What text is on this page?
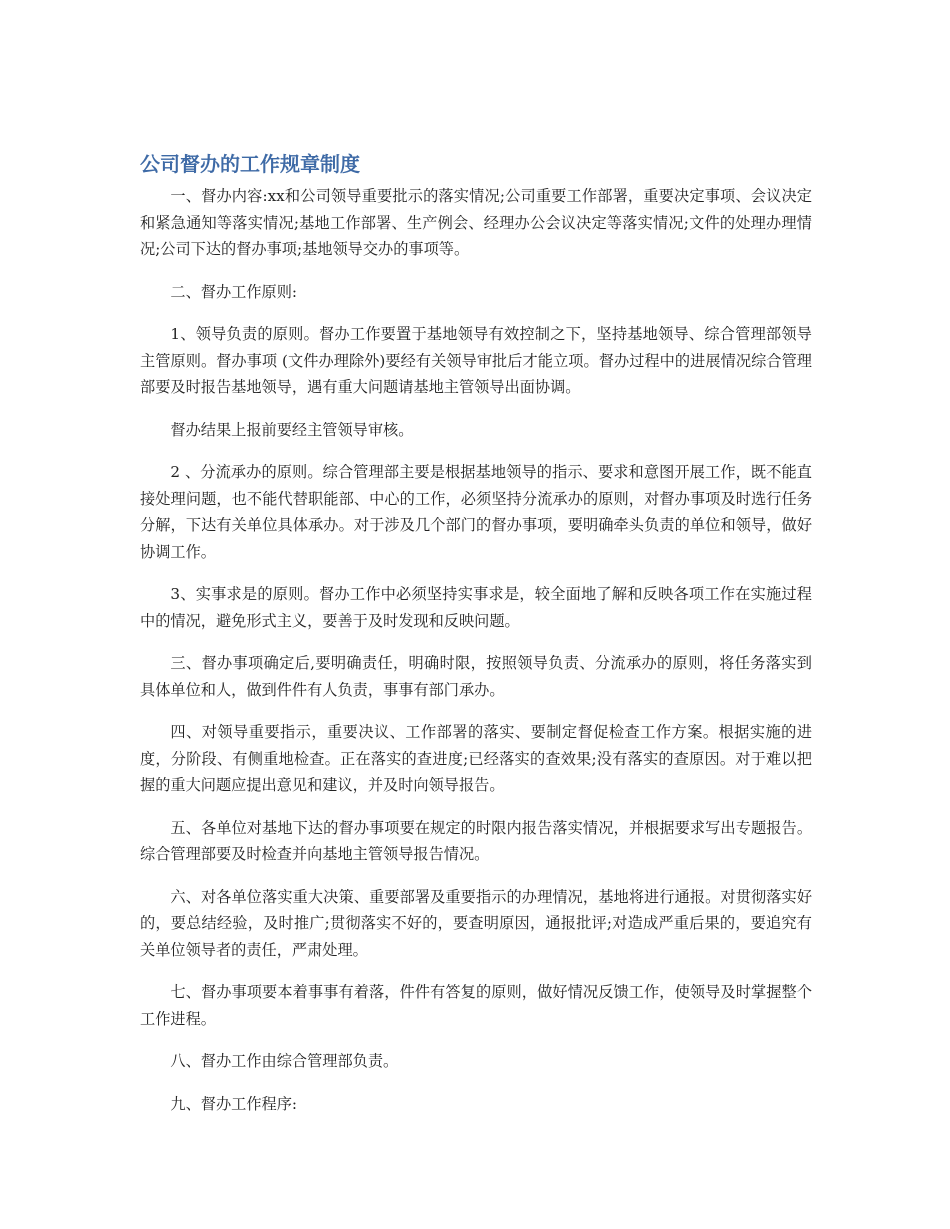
公司督办的工作规章制度

一、督办内容:xx和公司领导重要批示的落实情况;公司重要工作部署，重要决定事项、会议决定和紧急通知等落实情况;基地工作部署、生产例会、经理办公会议决定等落实情况;文件的处理办理情况;公司下达的督办事项;基地领导交办的事项等。

二、督办工作原则:

1、领导负责的原则。督办工作要置于基地领导有效控制之下，坚持基地领导、综合管理部领导主管原则。督办事项 (文件办理除外)要经有关领导审批后才能立项。督办过程中的进展情况综合管理部要及时报告基地领导，遇有重大问题请基地主管领导出面协调。

督办结果上报前要经主管领导审核。

2 、分流承办的原则。综合管理部主要是根据基地领导的指示、要求和意图开展工作，既不能直接处理问题，也不能代替职能部、中心的工作，必须坚持分流承办的原则，对督办事项及时选行任务分解，下达有关单位具体承办。对于涉及几个部门的督办事项，要明确牵头负责的单位和领导，做好协调工作。

3、实事求是的原则。督办工作中必须坚持实事求是，较全面地了解和反映各项工作在实施过程中的情况，避免形式主义，要善于及时发现和反映问题。

三、督办事项确定后,要明确责任，明确时限，按照领导负责、分流承办的原则，将任务落实到具体单位和人，做到件件有人负责，事事有部门承办。

四、对领导重要指示，重要决议、工作部署的落实、要制定督促检查工作方案。根据实施的进度，分阶段、有侧重地检查。正在落实的查进度;已经落实的查效果;没有落实的查原因。对于难以把握的重大问题应提出意见和建议，并及时向领导报告。

五、各单位对基地下达的督办事项要在规定的时限内报告落实情况，并根据要求写出专题报告。综合管理部要及时检查并向基地主管领导报告情况。

六、对各单位落实重大决策、重要部署及重要指示的办理情况，基地将进行通报。对贯彻落实好的，要总结经验，及时推广;贯彻落实不好的，要查明原因，通报批评;对造成严重后果的，要追究有关单位领导者的责任，严肃处理。

七、督办事项要本着事事有着落，件件有答复的原则，做好情况反馈工作，使领导及时掌握整个工作进程。

八、督办工作由综合管理部负责。

九、督办工作程序:
